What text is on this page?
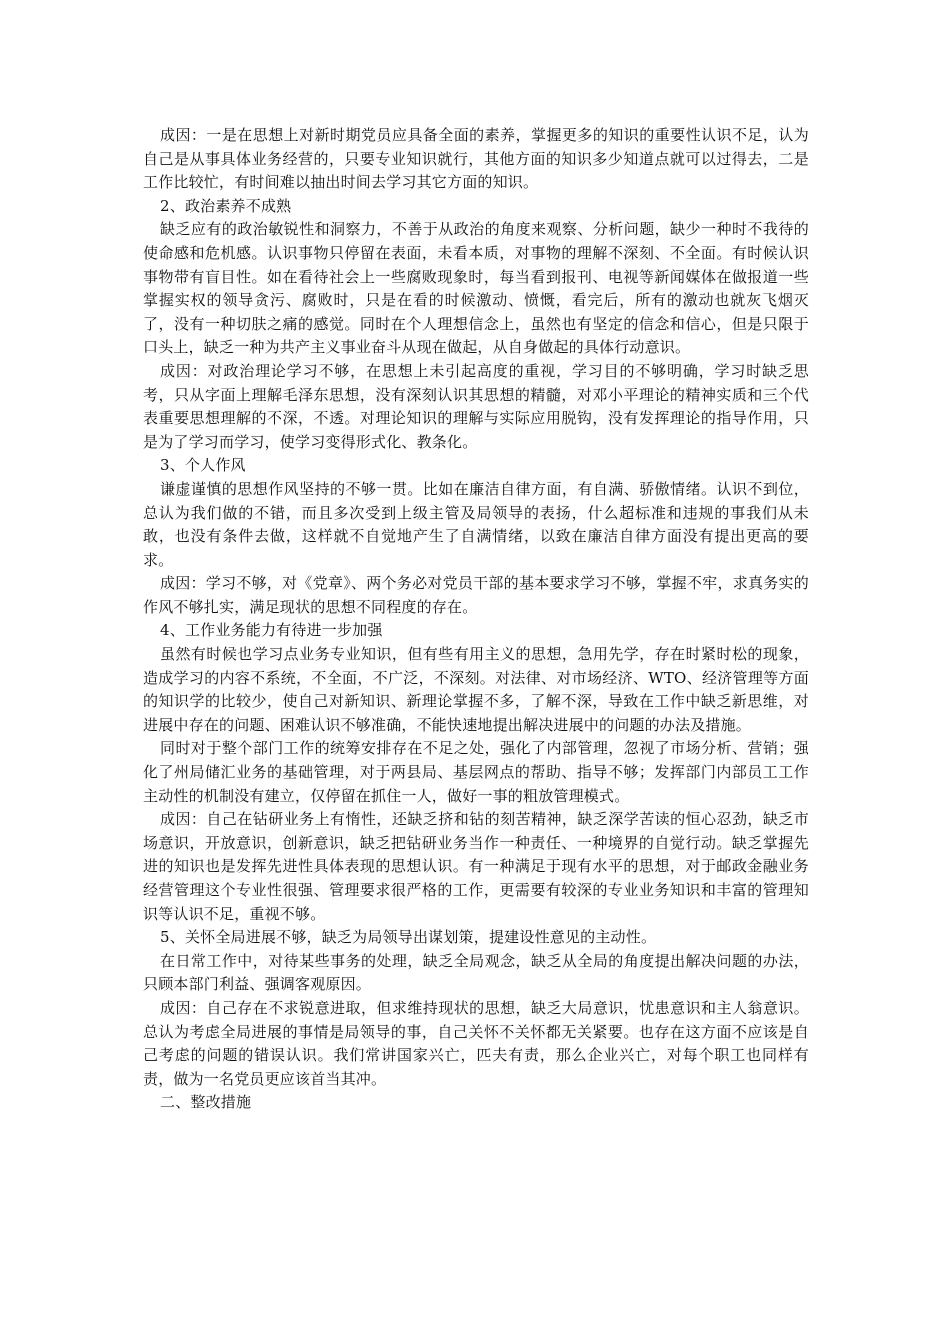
成因：一是在思想上对新时期党员应具备全面的素养，掌握更多的知识的重要性认识不足，认为自己是从事具体业务经营的，只要专业知识就行，其他方面的知识多少知道点就可以过得去，二是工作比较忙，有时间难以抽出时间去学习其它方面的知识。

2、政治素养不成熟

缺乏应有的政治敏锐性和洞察力，不善于从政治的角度来观察、分析问题，缺少一种时不我待的使命感和危机感。认识事物只停留在表面，未看本质，对事物的理解不深刻、不全面。有时候认识事物带有盲目性。如在看待社会上一些腐败现象时，每当看到报刊、电视等新闻媒体在做报道一些掌握实权的领导贪污、腐败时，只是在看的时候激动、愤慨，看完后，所有的激动也就灰飞烟灭了，没有一种切肤之痛的感觉。同时在个人理想信念上，虽然也有坚定的信念和信心，但是只限于口头上，缺乏一种为共产主义事业奋斗从现在做起，从自身做起的具体行动意识。

成因：对政治理论学习不够，在思想上未引起高度的重视，学习目的不够明确，学习时缺乏思考，只从字面上理解毛泽东思想，没有深刻认识其思想的精髓，对邓小平理论的精神实质和三个代表重要思想理解的不深，不透。对理论知识的理解与实际应用脱钩，没有发挥理论的指导作用，只是为了学习而学习，使学习变得形式化、教条化。

3、个人作风

谦虚谨慎的思想作风坚持的不够一贯。比如在廉洁自律方面，有自满、骄傲情绪。认识不到位，总认为我们做的不错，而且多次受到上级主管及局领导的表扬，什么超标准和违规的事我们从未敢，也没有条件去做，这样就不自觉地产生了自满情绪，以致在廉洁自律方面没有提出更高的要求。

成因：学习不够，对《党章》、两个务必对党员干部的基本要求学习不够，掌握不牢，求真务实的作风不够扎实，满足现状的思想不同程度的存在。

4、工作业务能力有待进一步加强

虽然有时候也学习点业务专业知识，但有些有用主义的思想，急用先学，存在时紧时松的现象，造成学习的内容不系统，不全面，不广泛，不深刻。对法律、对市场经济、WTO、经济管理等方面的知识学的比较少，使自己对新知识、新理论掌握不多，了解不深，导致在工作中缺乏新思维，对进展中存在的问题、困难认识不够准确，不能快速地提出解决进展中的问题的办法及措施。

同时对于整个部门工作的统筹安排存在不足之处，强化了内部管理，忽视了市场分析、营销；强化了州局储汇业务的基础管理，对于两县局、基层网点的帮助、指导不够；发挥部门内部员工工作主动性的机制没有建立，仅停留在抓住一人，做好一事的粗放管理模式。

成因：自己在钻研业务上有惰性，还缺乏挤和钻的刻苦精神，缺乏深学苦读的恒心忍劲，缺乏市场意识，开放意识，创新意识，缺乏把钻研业务当作一种责任、一种境界的自觉行动。缺乏掌握先进的知识也是发挥先进性具体表现的思想认识。有一种满足于现有水平的思想，对于邮政金融业务经营管理这个专业性很强、管理要求很严格的工作，更需要有较深的专业业务知识和丰富的管理知识等认识不足，重视不够。

5、关怀全局进展不够，缺乏为局领导出谋划策，提建设性意见的主动性。

在日常工作中，对待某些事务的处理，缺乏全局观念，缺乏从全局的角度提出解决问题的办法，只顾本部门利益、强调客观原因。

成因：自己存在不求锐意进取，但求维持现状的思想，缺乏大局意识，忧患意识和主人翁意识。总认为考虑全局进展的事情是局领导的事，自己关怀不关怀都无关紧要。也存在这方面不应该是自己考虑的问题的错误认识。我们常讲国家兴亡，匹夫有责，那么企业兴亡，对每个职工也同样有责，做为一名党员更应该首当其冲。

二、整改措施
